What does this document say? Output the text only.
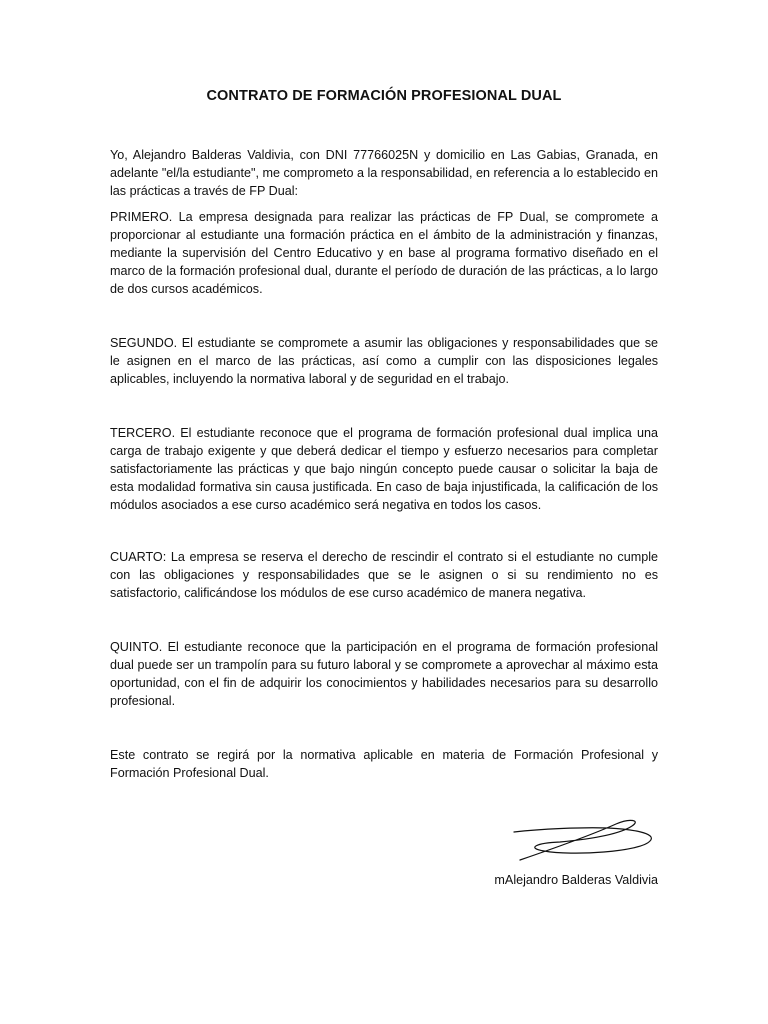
CONTRATO DE FORMACIÓN PROFESIONAL DUAL

Yo, Alejandro Balderas Valdivia, con DNI 77766025N y domicilio en Las Gabias, Granada, en adelante "el/la estudiante", me comprometo a la responsabilidad, en referencia a lo establecido en las prácticas a través de FP Dual:

PRIMERO. La empresa designada para realizar las prácticas de FP Dual, se compromete a proporcionar al estudiante una formación práctica en el ámbito de la administración y finanzas, mediante la supervisión del Centro Educativo y en base al programa formativo diseñado en el marco de la formación profesional dual, durante el período de duración de las prácticas, a lo largo de dos cursos académicos.

SEGUNDO. El estudiante se compromete a asumir las obligaciones y responsabilidades que se le asignen en el marco de las prácticas, así como a cumplir con las disposiciones legales aplicables, incluyendo la normativa laboral y de seguridad en el trabajo.

TERCERO. El estudiante reconoce que el programa de formación profesional dual implica una carga de trabajo exigente y que deberá dedicar el tiempo y esfuerzo necesarios para completar satisfactoriamente las prácticas y que bajo ningún concepto puede causar o solicitar la baja de esta modalidad formativa sin causa justificada. En caso de baja injustificada, la calificación de los módulos asociados a ese curso académico será negativa en todos los casos.

CUARTO: La empresa se reserva el derecho de rescindir el contrato si el estudiante no cumple con las obligaciones y responsabilidades que se le asignen o si su rendimiento no es satisfactorio, calificándose los módulos de ese curso académico de manera negativa.

QUINTO. El estudiante reconoce que la participación en el programa de formación profesional dual puede ser un trampolín para su futuro laboral y se compromete a aprovechar al máximo esta oportunidad, con el fin de adquirir los conocimientos y habilidades necesarios para su desarrollo profesional.

Este contrato se regirá por la normativa aplicable en materia de Formación Profesional y Formación Profesional Dual.

mAlejandro Balderas Valdivia
